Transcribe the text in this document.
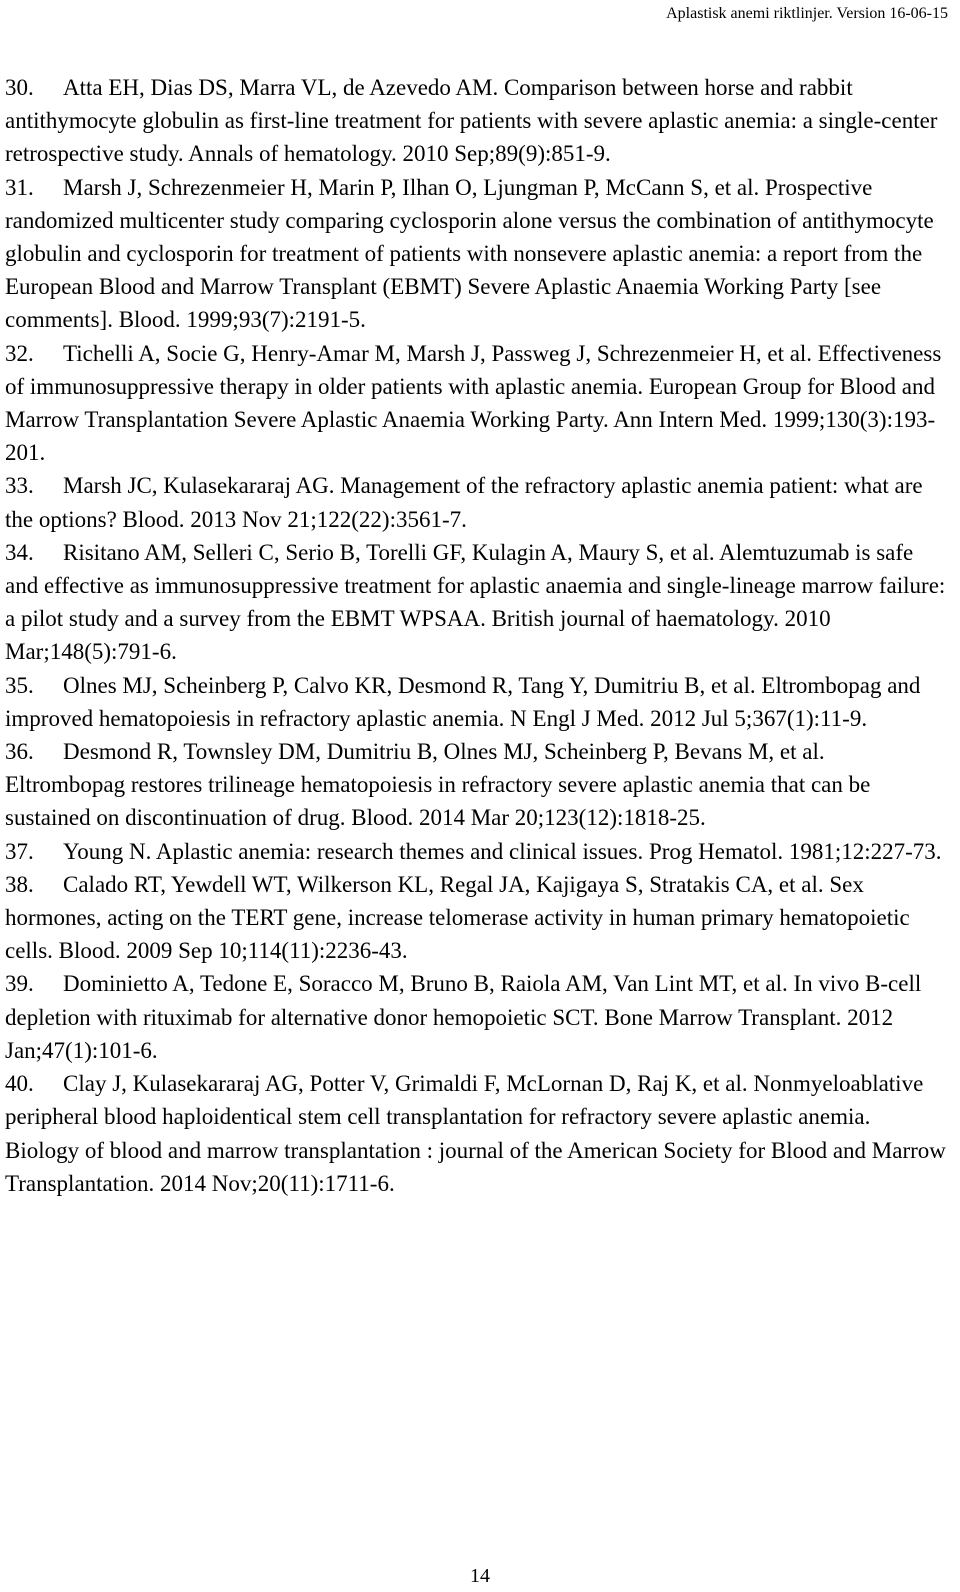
Aplastisk anemi riktlinjer. Version 16-06-15
30. Atta EH, Dias DS, Marra VL, de Azevedo AM. Comparison between horse and rabbit antithymocyte globulin as first-line treatment for patients with severe aplastic anemia: a single-center retrospective study. Annals of hematology. 2010 Sep;89(9):851-9.
31. Marsh J, Schrezenmeier H, Marin P, Ilhan O, Ljungman P, McCann S, et al. Prospective randomized multicenter study comparing cyclosporin alone versus the combination of antithymocyte globulin and cyclosporin for treatment of patients with nonsevere aplastic anemia: a report from the European Blood and Marrow Transplant (EBMT) Severe Aplastic Anaemia Working Party [see comments]. Blood. 1999;93(7):2191-5.
32. Tichelli A, Socie G, Henry-Amar M, Marsh J, Passweg J, Schrezenmeier H, et al. Effectiveness of immunosuppressive therapy in older patients with aplastic anemia. European Group for Blood and Marrow Transplantation Severe Aplastic Anaemia Working Party. Ann Intern Med. 1999;130(3):193-201.
33. Marsh JC, Kulasekararaj AG. Management of the refractory aplastic anemia patient: what are the options? Blood. 2013 Nov 21;122(22):3561-7.
34. Risitano AM, Selleri C, Serio B, Torelli GF, Kulagin A, Maury S, et al. Alemtuzumab is safe and effective as immunosuppressive treatment for aplastic anaemia and single-lineage marrow failure: a pilot study and a survey from the EBMT WPSAA. British journal of haematology. 2010 Mar;148(5):791-6.
35. Olnes MJ, Scheinberg P, Calvo KR, Desmond R, Tang Y, Dumitriu B, et al. Eltrombopag and improved hematopoiesis in refractory aplastic anemia. N Engl J Med. 2012 Jul 5;367(1):11-9.
36. Desmond R, Townsley DM, Dumitriu B, Olnes MJ, Scheinberg P, Bevans M, et al. Eltrombopag restores trilineage hematopoiesis in refractory severe aplastic anemia that can be sustained on discontinuation of drug. Blood. 2014 Mar 20;123(12):1818-25.
37. Young N. Aplastic anemia: research themes and clinical issues. Prog Hematol. 1981;12:227-73.
38. Calado RT, Yewdell WT, Wilkerson KL, Regal JA, Kajigaya S, Stratakis CA, et al. Sex hormones, acting on the TERT gene, increase telomerase activity in human primary hematopoietic cells. Blood. 2009 Sep 10;114(11):2236-43.
39. Dominietto A, Tedone E, Soracco M, Bruno B, Raiola AM, Van Lint MT, et al. In vivo B-cell depletion with rituximab for alternative donor hemopoietic SCT. Bone Marrow Transplant. 2012 Jan;47(1):101-6.
40. Clay J, Kulasekararaj AG, Potter V, Grimaldi F, McLornan D, Raj K, et al. Nonmyeloablative peripheral blood haploidentical stem cell transplantation for refractory severe aplastic anemia. Biology of blood and marrow transplantation : journal of the American Society for Blood and Marrow Transplantation. 2014 Nov;20(11):1711-6.
14
